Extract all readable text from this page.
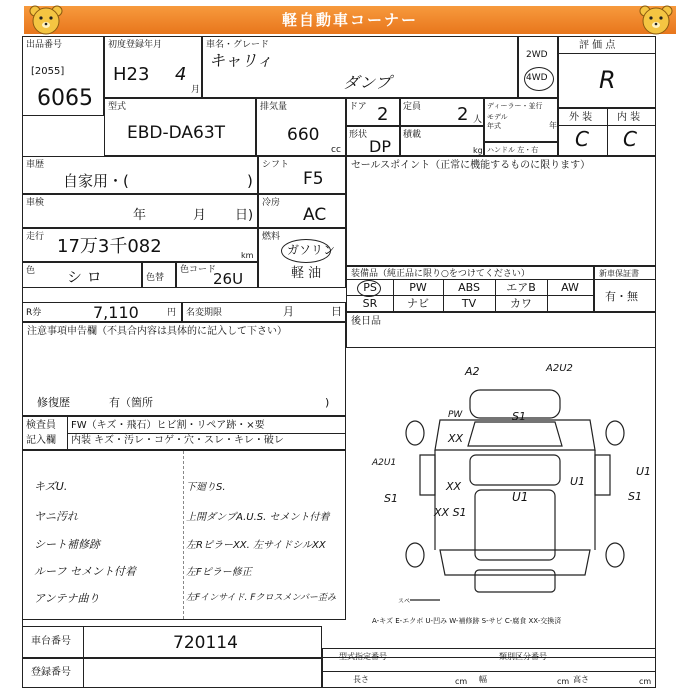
軽自動車コーナー
出品番号
[2055]
6065
初度登録年月
H23 4
月
車名・グレード
キャリィ
ダンプ
2WD
4WD
評 価 点
R
外 装 内 装
C C
型式
EBD-DA63T
排気量
660
cc
ドア 2 定員 2 人
ディーラー・並行
モデル
年式	年
形状
DP
積載
kg ハンドル 左・右
車歴
自家用・(	)
シフト
F5
車検
年	月 日)
冷房
AC
走行 17万3千082	km
燃料
ガソリン
軽 油
色 シ ロ	色替
色コード
26U
R券	7,110	円 名変期限	月	日
セールスポイント（正常に機能するものに限ります）
装備品（純正品に限り○をつけてください）
PS	PW	ABS	エアB	AW
SR	ナビ	TV	カワ
新車保証書
有・無
後日品
注意事項申告欄（不具合内容は具体的に記入して下さい）
修復歴	有（箇所	)
検査員
記入欄
FW（キズ・飛石）ヒビ割・リペア跡・×要
内装 キズ・汚レ・コゲ・穴・スレ・キレ・破レ
キズU.
ヤニ汚れ
シート補修跡
ルーフ セメント付着
アンテナ曲り
下廻りS.
上開ダンプA.U.S. セメント付着
左RピラーXX. 左サイドシルXX
左Fピラー修正
左Fインサイド. Fクロスメンバー歪み
A2	A2U2
PW	S1
XX
A2U1
U1
S1
XX
XX S1
U1	S1
U1
スペ
A-キズ E-エクボ U-凹み W-補修跡 S-サビ C-腐食 XX-交換済
車台番号	720114
登録番号
型式指定番号	類別区分番号
長さ	cm 幅	cm 高さ	cm
